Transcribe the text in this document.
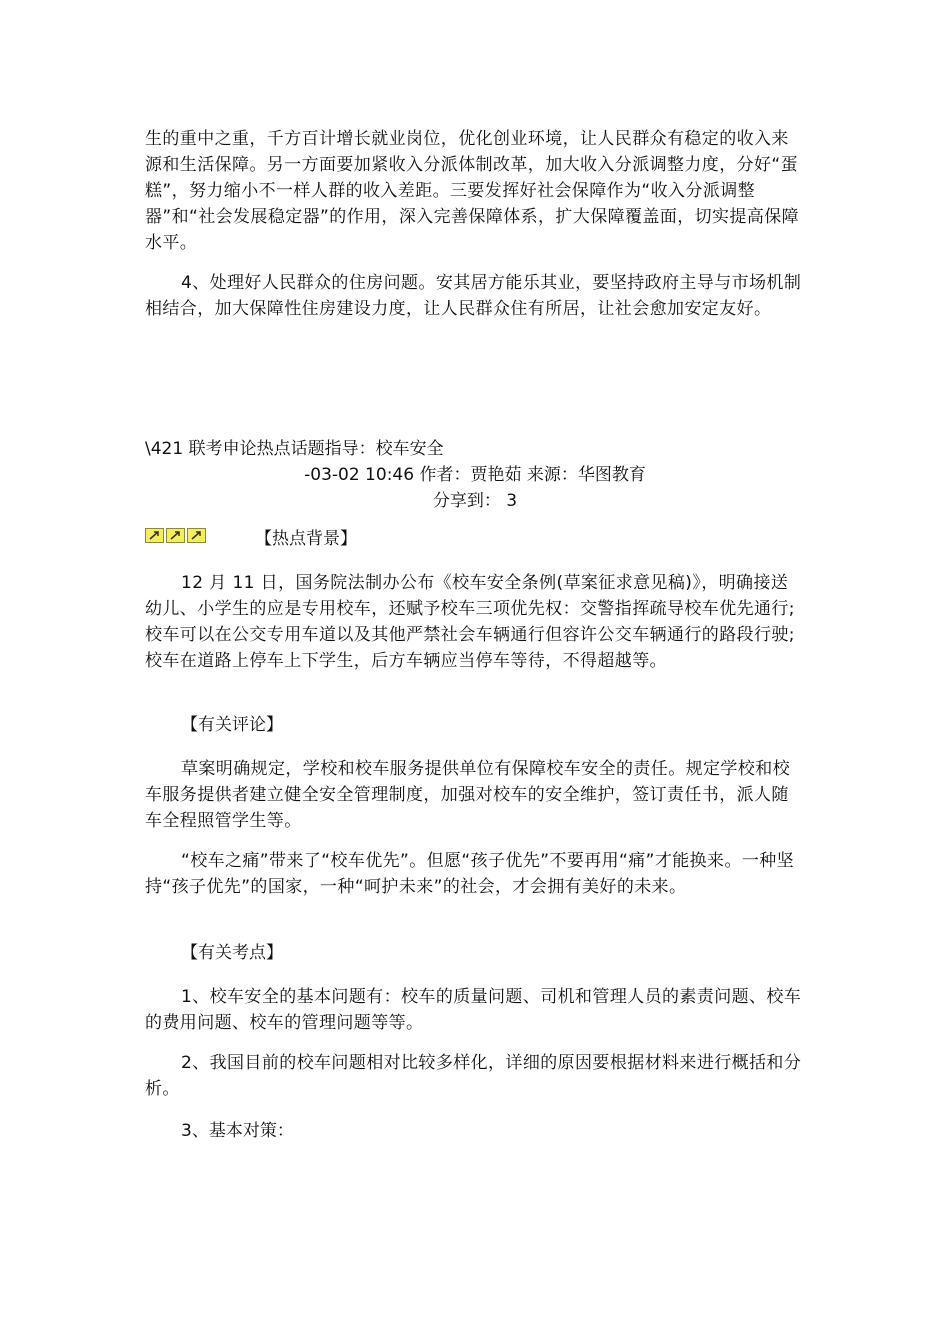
生的重中之重，千方百计增长就业岗位，优化创业环境，让人民群众有稳定的收入来源和生活保障。另一方面要加紧收入分派体制改革，加大收入分派调整力度，分好“蛋糕”，努力缩小不一样人群的收入差距。三要发挥好社会保障作为“收入分派调整器”和“社会发展稳定器”的作用，深入完善保障体系，扩大保障覆盖面，切实提高保障水平。

4、处理好人民群众的住房问题。安其居方能乐其业，要坚持政府主导与市场机制相结合，加大保障性住房建设力度，让人民群众住有所居，让社会愈加安定友好。

\421 联考申论热点话题指导：校车安全

-03-02 10:46 作者：贾艳茹 来源：华图教育

分享到： 3

【热点背景】

12 月 11 日，国务院法制办公布《校车安全条例(草案征求意见稿)》，明确接送幼儿、小学生的应是专用校车，还赋予校车三项优先权：交警指挥疏导校车优先通行;校车可以在公交专用车道以及其他严禁社会车辆通行但容许公交车辆通行的路段行驶;校车在道路上停车上下学生，后方车辆应当停车等待，不得超越等。

【有关评论】

草案明确规定，学校和校车服务提供单位有保障校车安全的责任。规定学校和校车服务提供者建立健全安全管理制度，加强对校车的安全维护，签订责任书，派人随车全程照管学生等。

“校车之痛”带来了“校车优先”。但愿“孩子优先”不要再用“痛”才能换来。一种坚持“孩子优先”的国家，一种“呵护未来”的社会，才会拥有美好的未来。

【有关考点】

1、校车安全的基本问题有：校车的质量问题、司机和管理人员的素责问题、校车的费用问题、校车的管理问题等等。

2、我国目前的校车问题相对比较多样化，详细的原因要根据材料来进行概括和分析。

3、基本对策：
